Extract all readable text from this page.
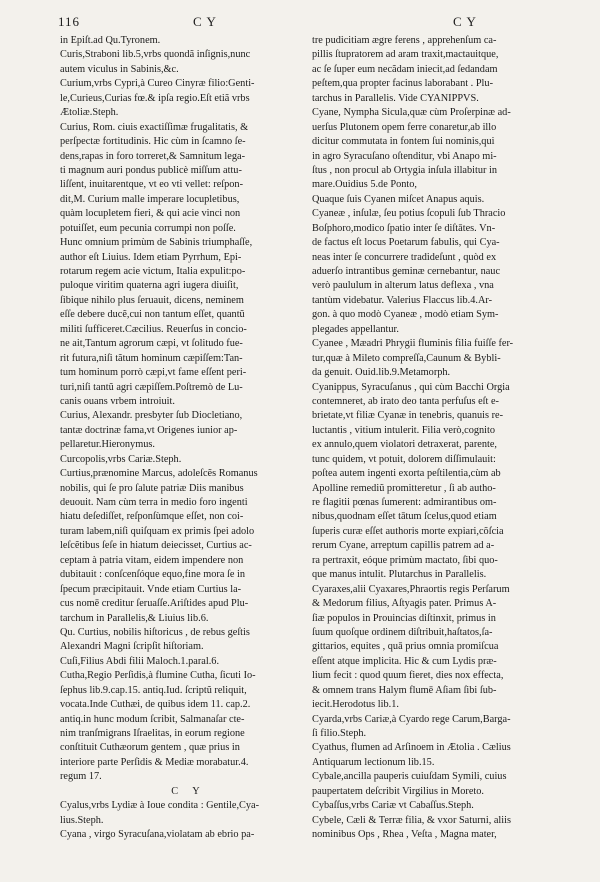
116	C Y	C Y
in Epiſt.ad Qu.Tyronem.
Curis,Straboni lib.5,vrbs quondã inſignis,nunc
autem viculus in Sabinis,&c.
Curium,vrbs Cypri,à Cureo Cinyræ filio:Genti-
le,Curieus,Curias fœ.& ipſa regio.Eſt etiã vrbs
Ætoliæ.Steph.
Curius, Rom. ciuis exactiſſimæ frugalitatis, &
perſpectæ fortitudinis. Hic cùm in ſcamno ſe-
dens,rapas in foro torreret,& Samnitum lega-
ti magnum auri pondus publicè miſſum attu-
liſſent, inuitarentque, vt eo vti vellet: reſpon-
dit,M. Curium malle imperare locupletibus,
quàm locupletem fieri, & qui acie vinci non
potuiſſet, eum pecunia corrumpi non poſſe.
Hunc omnium primùm de Sabinis triumphaſſe,
author eſt Liuius. Idem etiam Pyrrhum, Epi-
rotarum regem acie victum, Italia expulit:po-
puloque viritim quaterna agri iugera diuiſit,
ſibique nihilo plus ſeruauit, dicens, neminem
eſſe debere ducẽ,cui non tantum eſſet, quantũ
militi ſufficeret.Cæcilius. Reuerſus in concio-
ne ait,Tantum agrorum cæpi, vt ſolitudo fue-
rit futura,niſi tãtum hominum cæpiſſem:Tan-
tum hominum porrò cæpi,vt fame eſſent peri-
turi,niſi tantũ agri cæpiſſem.Poſtremò de Lu-
canis ouans vrbem introiuit.
Curius, Alexandr. presbyter ſub Diocletiano,
tantæ doctrinæ fama,vt Origenes iunior ap-
pellaretur.Hieronymus.
Curcopolis,vrbs Cariæ.Steph.
Curtius,prænomine Marcus, adoleſcẽs Romanus
nobilis, qui ſe pro ſalute patriæ Diis manibus
deuouit. Nam cùm terra in medio foro ingenti
hiatu deſediſſet, reſponſùmque eſſet, non coi-
turam labem,niſi quiſquam ex primis ſpei adolo
leſcẽtibus ſeſe in hiatum deiecisset, Curtius ac-
ceptam à patria vitam, eidem impendere non
dubitauit : conſcenſóque equo,fine mora ſe in
ſpecum præcipitauit. Vnde etiam Curtius la-
cus nomē creditur ſeruaſſe.Ariſtides apud Plu-
tarchum in Parallelis,& Liuius lib.6.
Qu. Curtius, nobilis hiſtoricus , de rebus geſtis
Alexandri Magni ſcripſit hiſtoriam.
Cuſi,Filius Abdi filii Maloch.1.paral.6.
Cutha,Regio Perſidis,à flumine Cutha, ſicuti Io-
ſephus lib.9.cap.15. antiq.Iud. ſcriptũ reliquit,
vocata.Inde Cuthæi, de quibus idem 11. cap.2.
antiq.in hunc modum ſcribit, Salmanaſar cte-
nim tranſmigrans Iſraelitas, in eorum regione
conſtituit Cuthæorum gentem , quæ prius in
interiore parte Perſidis & Mediæ morabatur.4.
regum 17.
C Y
Cyalus,vrbs Lydiæ à Ioue condita : Gentile,Cya-
lius.Steph.
Cyana , virgo Syracuſana,violatam ab ebrio pa-
tre pudicitiam ægre ferens , apprehenſum ca-
pillis ſtupratorem ad aram traxit,mactauitque,
ac ſe ſuper eum necãdam iniecit,ad ſedandam
peſtem,qua propter facinus laborabant . Plu-
tarchus in Parallelis. Vide CYANIPPVS.
Cyane, Nympha Sicula,quæ cùm Proſerpinæ ad-
uerſus Plutonem opem ferre conaretur,ab illo
dicitur commutata in fontem ſui nominis,qui
in agro Syracuſano oſtenditur, vbi Anapo mi-
ſtus , non procul ab Ortygia inſula illabitur in
mare.Ouidius 5.de Ponto,
Quaque ſuis Cyanen miſcet Anapus aquis.
Cyaneæ , inſulæ, ſeu potius ſcopuli ſub Thracio
Boſphoro,modico ſpatio inter ſe diſtātes. Vn-
de factus eſt locus Poetarum fabulis, qui Cya-
neas inter ſe concurrere tradideſunt , quòd ex
aduerſo intrantibus geminæ cernebantur, nauc
verò paululum in alterum latus deflexa , vna
tantùm videbatur. Valerius Flaccus lib.4.Ar-
gon. à quo modò Cyaneæ , modò etiam Sym-
plegades appellantur.
Cyanee , Mæadri Phrygii fluminis filia fuiſſe fer-
tur,quæ à Mileto compreſſa,Caunum & Bybli-
da genuit. Ouid.lib.9.Metamorph.
Cyanippus, Syracuſanus , qui cùm Bacchi Orgia
contemneret, ab irato deo tanta perfuſus eſt e-
brietate,vt filiæ Cyanæ in tenebris, quanuis re-
luctantis , vitium intulerit. Filia verò,cognito
ex annulo,quem violatori detraxerat, parente,
tunc quidem, vt potuit, dolorem diſſimulauit:
poſtea autem ingenti exorta peſtilentia,cùm ab
Apolline remediũ promitteretur , ſi ab autho-
re flagitii pœnas ſumerent: admirantibus om-
nibus,quodnam eſſet tātum ſcelus,quod etiam
ſuperis curæ eſſet authoris morte expiari,cõſcia
rerum Cyane, arreptum capillis patrem ad a-
ra pertraxit, eóque primùm mactato, ſibi quo-
que manus intulit. Plutarchus in Parallelis.
Cyaraxes,alii Cyaxares,Phraortis regis Perſarum
& Medorum filius, Aſtyagis pater. Primus A-
ſiæ populos in Prouincias diſtinxit, primus in
ſuum quoſque ordinem diſtribuit,haſtatos,ſa-
gittarios, equites , quā prius omnia promiſcua
eſſent atque implicita. Hic & cum Lydis præ-
lium fecit : quod quum fieret, dies nox effecta,
& omnem trans Halym flumē Aſiam ſibi ſub-
iecit.Herodotus lib.1.
Cyarda,vrbs Cariæ,à Cyardo rege Carum,Barga-
ſi filio.Steph.
Cyathus, flumen ad Arſinoem in Ætolia . Cælius
Antiquarum lectionum lib.15.
Cybale,ancilla pauperis cuiuſdam Symili, cuius
paupertatem deſcribit Virgilius in Moreto.
Cybaſſus,vrbs Cariæ vt Cabaſſus.Steph.
Cybele, Cæli & Terræ filia, & vxor Saturni, aliis
nominibus Ops , Rhea , Veſta , Magna mater,
